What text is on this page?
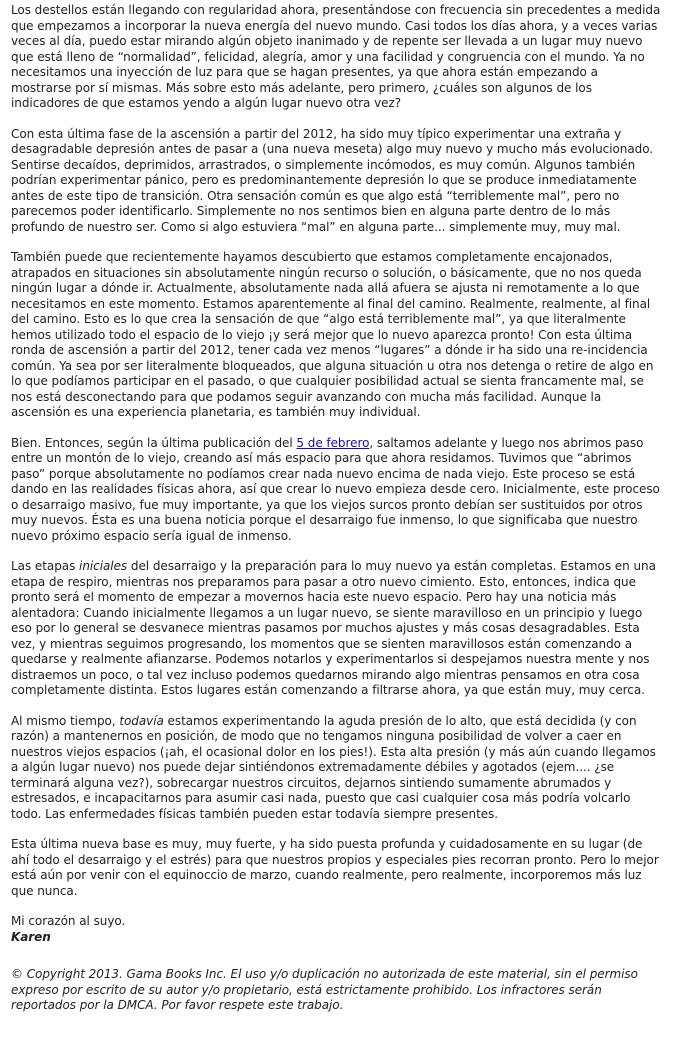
Los destellos están llegando con regularidad ahora, presentándose con frecuencia sin precedentes a medida que empezamos a incorporar la nueva energía del nuevo mundo. Casi todos los días ahora, y a veces varias veces al día, puedo estar mirando algún objeto inanimado y de repente ser llevada a un lugar muy nuevo que está lleno de “normalidad”, felicidad, alegría, amor y una facilidad y congruencia con el mundo. Ya no necesitamos una inyección de luz para que se hagan presentes, ya que ahora están empezando a mostrarse por sí mismas. Más sobre esto más adelante, pero primero, ¿cuáles son algunos de los indicadores de que estamos yendo a algún lugar nuevo otra vez?

Con esta última fase de la ascensión a partir del 2012, ha sido muy típico experimentar una extraña y desagradable depresión antes de pasar a (una nueva meseta) algo muy nuevo y mucho más evolucionado. Sentirse decaídos, deprimidos, arrastrados, o simplemente incómodos, es muy común. Algunos también podrían experimentar pánico, pero es predominantemente depresión lo que se produce inmediatamente antes de este tipo de transición. Otra sensación común es que algo está “terriblemente mal”, pero no parecemos poder identificarlo. Simplemente no nos sentimos bien en alguna parte dentro de lo más profundo de nuestro ser. Como si algo estuviera “mal” en alguna parte... simplemente muy, muy mal.

También puede que recientemente hayamos descubierto que estamos completamente encajonados, atrapados en situaciones sin absolutamente ningún recurso o solución, o básicamente, que no nos queda ningún lugar a dónde ir. Actualmente, absolutamente nada allá afuera se ajusta ni remotamente a lo que necesitamos en este momento. Estamos aparentemente al final del camino. Realmente, realmente, al final del camino. Esto es lo que crea la sensación de que “algo está terriblemente mal”, ya que literalmente hemos utilizado todo el espacio de lo viejo ¡y será mejor que lo nuevo aparezca pronto! Con esta última ronda de ascensión a partir del 2012, tener cada vez menos “lugares” a dónde ir ha sido una re-incidencia común. Ya sea por ser literalmente bloqueados, que alguna situación u otra nos detenga o retire de algo en lo que podíamos participar en el pasado, o que cualquier posibilidad actual se sienta francamente mal, se nos está desconectando para que podamos seguir avanzando con mucha más facilidad. Aunque la ascensión es una experiencia planetaria, es también muy individual.

Bien. Entonces, según la última publicación del 5 de febrero, saltamos adelante y luego nos abrimos paso entre un montón de lo viejo, creando así más espacio para que ahora residamos. Tuvimos que “abrimos paso” porque absolutamente no podíamos crear nada nuevo encima de nada viejo. Este proceso se está dando en las realidades físicas ahora, así que crear lo nuevo empieza desde cero. Inicialmente, este proceso o desarraigo masivo, fue muy importante, ya que los viejos surcos pronto debían ser sustituidos por otros muy nuevos. Ésta es una buena noticia porque el desarraigo fue inmenso, lo que significaba que nuestro nuevo próximo espacio sería igual de inmenso.

Las etapas iniciales del desarraigo y la preparación para lo muy nuevo ya están completas. Estamos en una etapa de respiro, mientras nos preparamos para pasar a otro nuevo cimiento. Esto, entonces, indica que pronto será el momento de empezar a movernos hacia este nuevo espacio. Pero hay una noticia más alentadora: Cuando inicialmente llegamos a un lugar nuevo, se siente maravilloso en un principio y luego eso por lo general se desvanece mientras pasamos por muchos ajustes y más cosas desagradables. Esta vez, y mientras seguimos progresando, los momentos que se sienten maravillosos están comenzando a quedarse y realmente afianzarse. Podemos notarlos y experimentarlos si despejamos nuestra mente y nos distraemos un poco, o tal vez incluso podemos quedarnos mirando algo mientras pensamos en otra cosa completamente distinta. Estos lugares están comenzando a filtrarse ahora, ya que están muy, muy cerca.

Al mismo tiempo, todavía estamos experimentando la aguda presión de lo alto, que está decidida (y con razón) a mantenernos en posición, de modo que no tengamos ninguna posibilidad de volver a caer en nuestros viejos espacios (¡ah, el ocasional dolor en los pies!). Esta alta presión (y más aún cuando llegamos a algún lugar nuevo) nos puede dejar sintiéndonos extremadamente débiles y agotados (ejem.... ¿se terminará alguna vez?), sobrecargar nuestros circuitos, dejarnos sintiendo sumamente abrumados y estresados, e incapacitarnos para asumir casi nada, puesto que casi cualquier cosa más podría volcarlo todo. Las enfermedades físicas también pueden estar todavía siempre presentes.

Esta última nueva base es muy, muy fuerte, y ha sido puesta profunda y cuidadosamente en su lugar (de ahí todo el desarraigo y el estrés) para que nuestros propios y especiales pies recorran pronto. Pero lo mejor está aún por venir con el equinoccio de marzo, cuando realmente, pero realmente, incorporemos más luz que nunca.

Mi corazón al suyo.
Karen

© Copyright 2013. Gama Books Inc. El uso y/o duplicación no autorizada de este material, sin el permiso expreso por escrito de su autor y/o propietario, está estrictamente prohibido. Los infractores serán reportados por la DMCA. Por favor respete este trabajo.
